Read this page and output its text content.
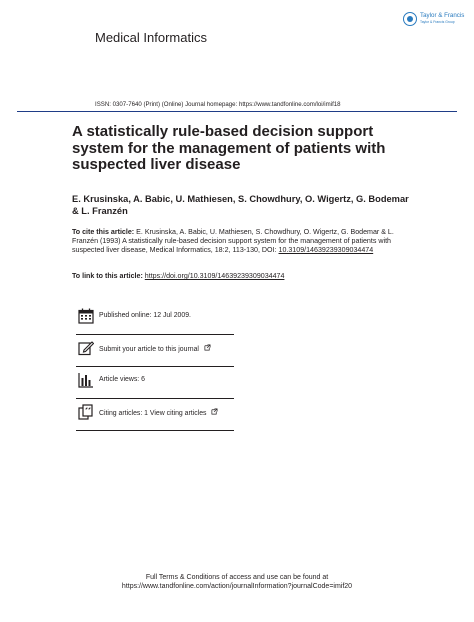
Taylor & Francis
Taylor & Francis Group
Medical Informatics
ISSN: 0307-7640 (Print) (Online) Journal homepage: https://www.tandfonline.com/loi/imif18
A statistically rule-based decision support system for the management of patients with suspected liver disease

E. Krusinska, A. Babic, U. Mathiesen, S. Chowdhury, O. Wigertz, G. Bodemar & L. Franzén

To cite this article: E. Krusinska, A. Babic, U. Mathiesen, S. Chowdhury, O. Wigertz, G. Bodemar & L. Franzén (1993) A statistically rule-based decision support system for the management of patients with suspected liver disease, Medical Informatics, 18:2, 113-130, DOI: 10.3109/14639239309034474

To link to this article: https://doi.org/10.3109/14639239309034474
Published online: 12 Jul 2009.
Submit your article to this journal
Article views: 6
Citing articles: 1 View citing articles
Full Terms & Conditions of access and use can be found at
https://www.tandfonline.com/action/journalInformation?journalCode=imif20
